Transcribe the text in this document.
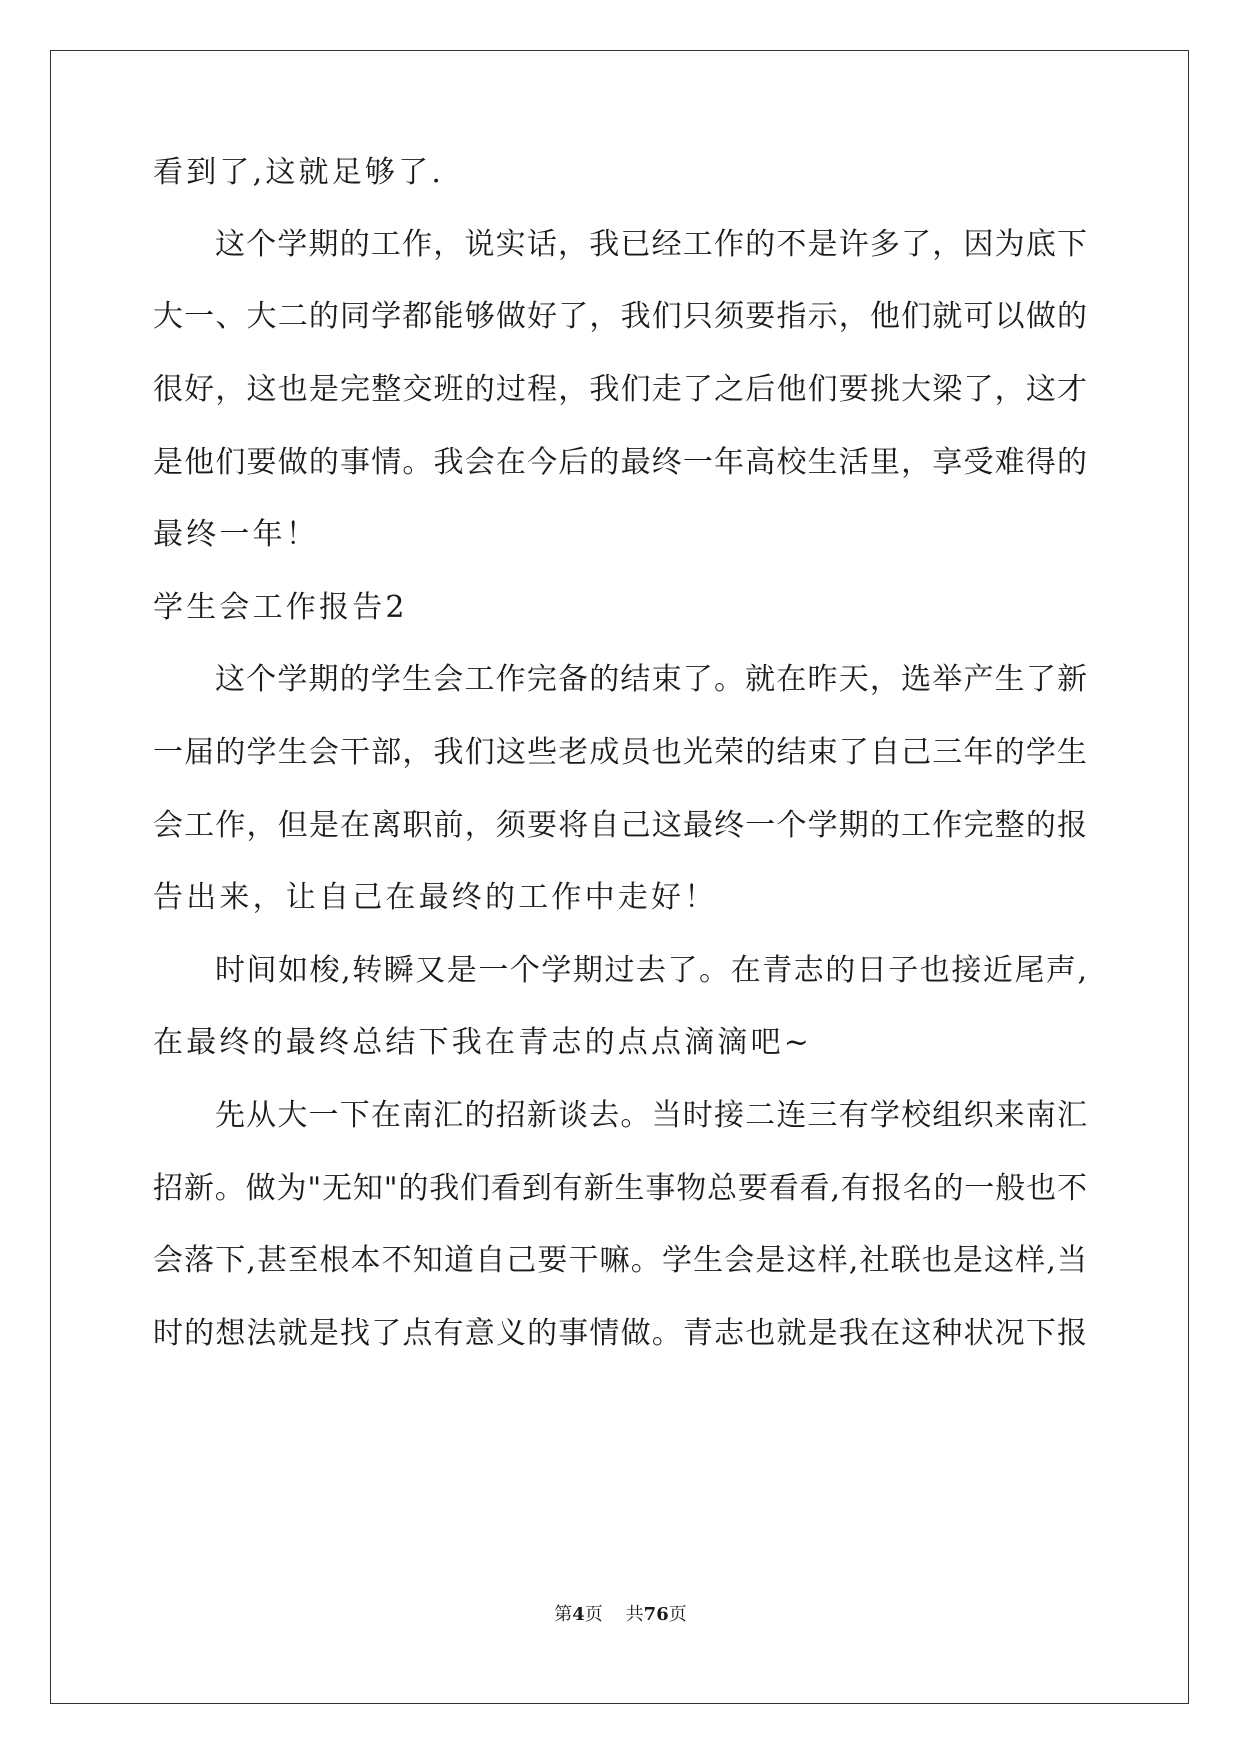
看到了,这就足够了.
这个学期的工作，说实话，我已经工作的不是许多了，因为底下
大一、大二的同学都能够做好了，我们只须要指示，他们就可以做的
很好，这也是完整交班的过程，我们走了之后他们要挑大梁了，这才
是他们要做的事情。我会在今后的最终一年高校生活里，享受难得的
最终一年！
学生会工作报告2
这个学期的学生会工作完备的结束了。就在昨天，选举产生了新
一届的学生会干部，我们这些老成员也光荣的结束了自己三年的学生
会工作，但是在离职前，须要将自己这最终一个学期的工作完整的报
告出来，让自己在最终的工作中走好！
时间如梭,转瞬又是一个学期过去了。在青志的日子也接近尾声,
在最终的最终总结下我在青志的点点滴滴吧~
先从大一下在南汇的招新谈去。当时接二连三有学校组织来南汇
招新。做为"无知"的我们看到有新生事物总要看看,有报名的一般也不
会落下,甚至根本不知道自己要干嘛。学生会是这样,社联也是这样,当
时的想法就是找了点有意义的事情做。青志也就是我在这种状况下报
第4页    共76页
